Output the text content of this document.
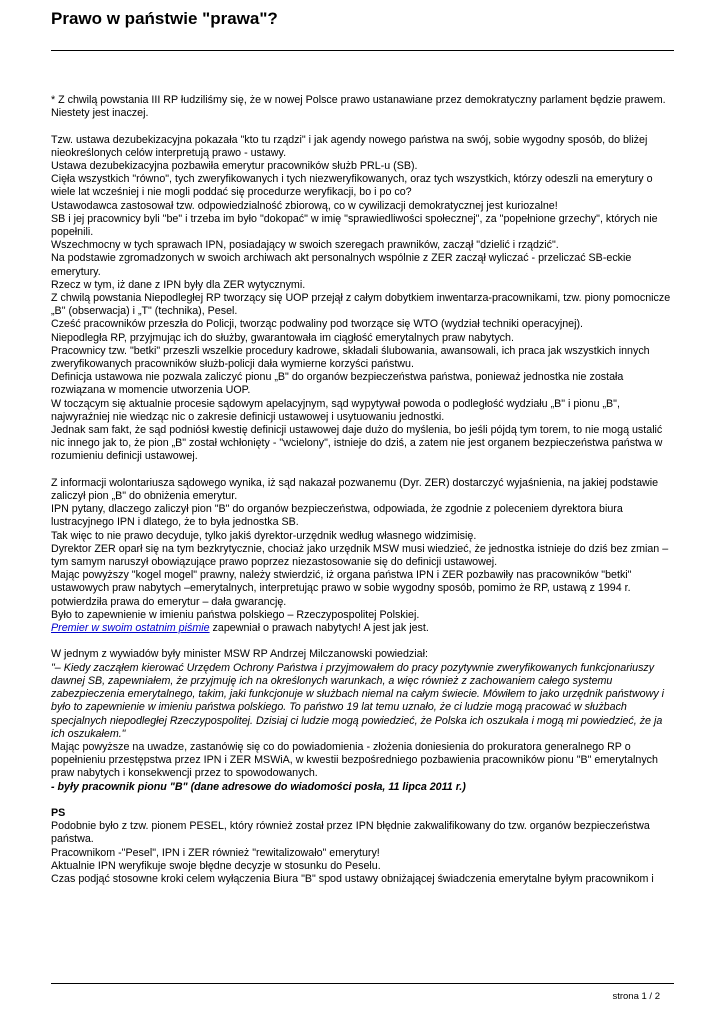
Prawo w państwie "prawa"?

* Z chwilą powstania III RP łudziliśmy się, że w nowej Polsce prawo ustanawiane przez demokratyczny parlament będzie prawem.

Niestety jest inaczej.

Tzw. ustawa dezubekizacyjna pokazała "kto tu rządzi" i jak agendy nowego państwa na swój, sobie wygodny sposób, do bliżej nieokreślonych celów interpretują prawo - ustawy.

Ustawa dezubekizacyjna pozbawiła emerytur pracowników służb PRL-u (SB).

Cięła wszystkich "równo", tych zweryfikowanych i tych niezweryfikowanych, oraz tych wszystkich, którzy odeszli na emerytury o wiele lat wcześniej i nie mogli poddać się procedurze weryfikacji, bo i po co?

Ustawodawca zastosował tzw. odpowiedzialność zbiorową, co w cywilizacji demokratycznej jest kuriozalne!

SB i jej pracownicy byli "be" i trzeba im było "dokopać" w imię "sprawiedliwości społecznej", za "popełnione grzechy", których nie popełnili.

Wszechmocny w tych sprawach IPN, posiadający w swoich szeregach prawników, zaczął "dzielić i rządzić".

Na podstawie zgromadzonych w swoich archiwach akt personalnych wspólnie z ZER zaczął wyliczać - przeliczać SB-eckie emerytury.

Rzecz w tym, iż dane z IPN były dla ZER wytycznymi.

Z chwilą powstania Niepodległej RP tworzący się UOP przejął z całym dobytkiem inwentarza-pracownikami, tzw. piony pomocnicze „B" (obserwacja) i „T" (technika), Pesel.

Cześć pracowników przeszła do Policji, tworząc podwaliny pod tworzące się WTO (wydział techniki operacyjnej).

Niepodległa RP, przyjmując ich do służby, gwarantowała im ciągłość emerytalnych praw nabytych.

Pracownicy tzw. "betki" przeszli wszelkie procedury kadrowe, składali ślubowania, awansowali, ich praca jak wszystkich innych zweryfikowanych pracowników służb-policji dała wymierne korzyści państwu.

Definicja ustawowa nie pozwala zaliczyć pionu „B" do organów bezpieczeństwa państwa, ponieważ jednostka nie została rozwiązana w momencie utworzenia UOP.

W toczącym się aktualnie procesie sądowym apelacyjnym, sąd wypytywał powoda o podległość wydziału „B" i pionu „B", najwyraźniej nie wiedząc nic o zakresie definicji ustawowej i usytuowaniu jednostki.

Jednak sam fakt, że sąd podniósł kwestię definicji ustawowej daje dużo do myślenia, bo jeśli pójdą tym torem, to nie mogą ustalić nic innego jak to, że pion „B" został wchłonięty - "wcielony", istnieje do dziś, a zatem nie jest organem bezpieczeństwa państwa w rozumieniu definicji ustawowej.

Z informacji wolontariusza sądowego wynika, iż sąd nakazał pozwanemu (Dyr. ZER) dostarczyć wyjaśnienia, na jakiej podstawie zaliczył pion „B" do obniżenia emerytur.

IPN pytany, dlaczego zaliczył pion "B" do organów bezpieczeństwa, odpowiada, że zgodnie z poleceniem dyrektora biura lustracyjnego IPN i dlatego, że to była jednostka SB.

Tak więc to nie prawo decyduje, tylko jakiś dyrektor-urzędnik według własnego widzimisię.

Dyrektor ZER oparł się na tym bezkrytycznie, chociaż jako urzędnik MSW musi wiedzieć, że jednostka istnieje do dziś bez zmian – tym samym naruszył obowiązujące prawo poprzez niezastosowanie się do definicji ustawowej.

Mając powyższy "kogel mogel" prawny, należy stwierdzić, iż organa państwa IPN i ZER pozbawiły nas pracowników "betki" ustawowych praw nabytych –emerytalnych, interpretując prawo w sobie wygodny sposób, pomimo że RP, ustawą z 1994 r. potwierdziła prawa do emerytur – dała gwarancję.

Było to zapewnienie w imieniu państwa polskiego – Rzeczypospolitej Polskiej.

Premier w swoim ostatnim piśmie zapewniał o prawach nabytych! A jest jak jest.

W jednym z wywiadów były minister MSW RP Andrzej Milczanowski powiedział:

"– Kiedy zacząłem kierować Urzędem Ochrony Państwa i przyjmowałem do pracy pozytywnie zweryfikowanych funkcjonariuszy dawnej SB, zapewniałem, że przyjmuję ich na określonych warunkach, a więc również z zachowaniem całego systemu zabezpieczenia emerytalnego, takim, jaki funkcjonuje w służbach niemal na całym świecie. Mówiłem to jako urzędnik państwowy i było to zapewnienie w imieniu państwa polskiego. To państwo 19 lat temu uznało, że ci ludzie mogą pracować w służbach specjalnych niepodległej Rzeczypospolitej. Dzisiaj ci ludzie mogą powiedzieć, że Polska ich oszukała i mogą mi powiedzieć, że ja ich oszukałem."

Mając powyższe na uwadze, zastanówię się co do powiadomienia - złożenia doniesienia do prokuratora generalnego RP o popełnieniu przestępstwa przez IPN i ZER MSWiA, w kwestii bezpośredniego pozbawienia pracowników pionu "B" emerytalnych praw nabytych i konsekwencji przez to spowodowanych.

- były pracownik pionu "B" (dane adresowe do wiadomości posła, 11 lipca 2011 r.)

PS

Podobnie było z tzw. pionem PESEL, który również został przez IPN błędnie zakwalifikowany do tzw. organów bezpieczeństwa państwa.

Pracownikom -"Pesel", IPN i ZER również "rewitalizowało" emerytury!

Aktualnie IPN weryfikuje swoje błędne decyzje w stosunku do Peselu.

Czas podjąć stosowne kroki celem wyłączenia Biura "B" spod ustawy obniżającej świadczenia emerytalne byłym pracownikom i

strona 1 / 2
